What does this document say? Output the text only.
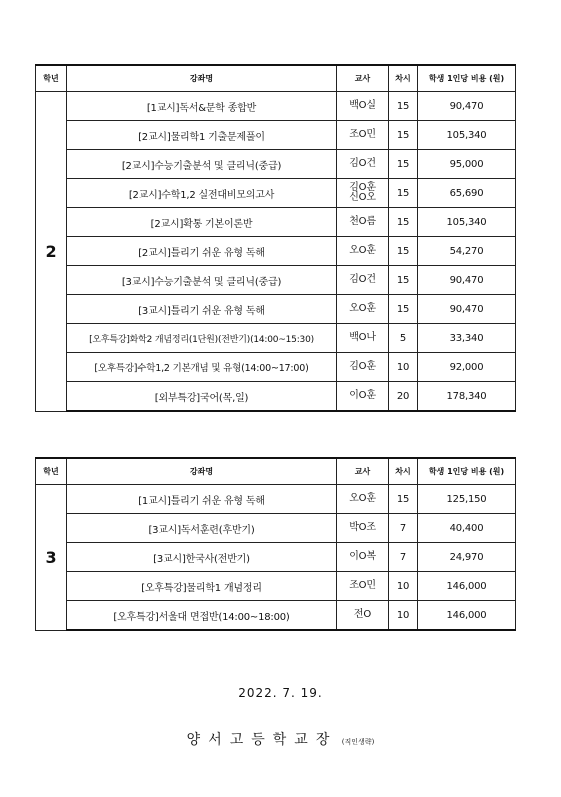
학년	강좌명	교사	차시	학생 1인당 비용 (원)
2	[1교시]독서&문학 종합반	백O실	15	90,470
	[2교시]물리학1 기출문제풀이	조O민	15	105,340
	[2교시]수능기출분석 및 클리닉(중급)	김O건	15	95,000
	[2교시]수학1,2 실전대비모의고사	김O훈 신O오	15	65,690
	[2교시]확통 기본이론반	천O름	15	105,340
	[2교시]틀리기 쉬운 유형 독해	오O훈	15	54,270
	[3교시]수능기출분석 및 클리닉(중급)	김O건	15	90,470
	[3교시]틀리기 쉬운 유형 독해	오O훈	15	90,470
	[오후특강]화학2 개념정리(1단원)(전반기)(14:00~15:30)	백O나	5	33,340
	[오후특강]수학1,2 기본개념 및 유형(14:00~17:00)	김O훈	10	92,000
	[외부특강]국어(목,일)	이O훈	20	178,340
학년	강좌명	교사	차시	학생 1인당 비용 (원)
3	[1교시]틀리기 쉬운 유형 독해	오O훈	15	125,150
	[3교시]독서훈련(후반기)	박O조	7	40,400
	[3교시]한국사(전반기)	이O복	7	24,970
	[오후특강]물리학1 개념정리	조O민	10	146,000
	[오후특강]서울대 면접반(14:00~18:00)	전O	10	146,000
2022. 7. 19.
양서고등학교장 (직인생략)
